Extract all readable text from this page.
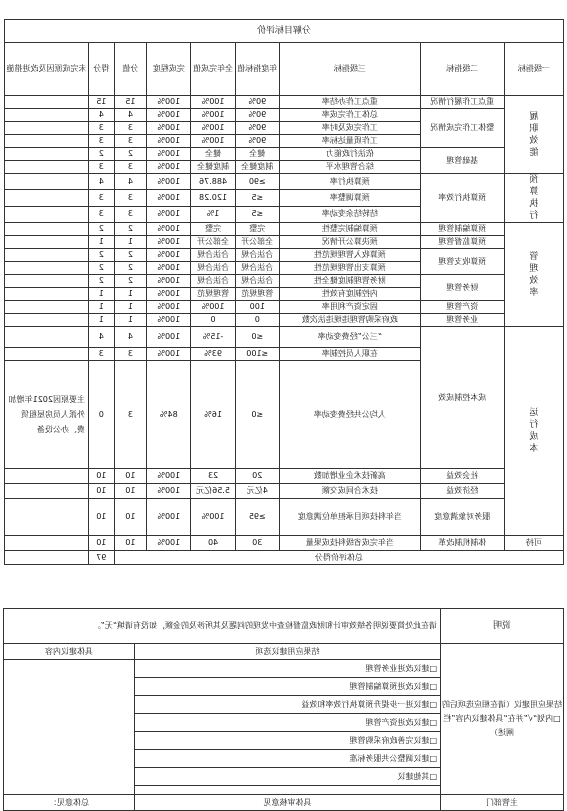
分解目标评价								
一级指标	二级指标	三级指标	年度指标值	全年完成值	完成程度	分值	得分	未完成原因及改进措施
履职效能	重点工作履行情况	重点工作办结率	90%	100%	100%	15	15	
	整体工作完成情况	总体工作完成率	90%	100%	100%	4	4	
		工作完成及时率	90%	100%	100%	3	3	
		工作质量达标率	90%	100%	100%	3	3	
	基础管理	依法行政能力	健全	健全	100%	2	2	
		综合管理水平	制度健全	制度健全	100%	3	3	
预算执行	预算执行效率	预算执行率	≥90	488.76	100%	4	4	
		预算调整率	≤5	120.28	100%	3	3	
		结转结余变动率	≤5	1%	100%	3	3	
管理效率	预算编制管理	预算编制完整性	完整	完整	100%	2	2	
	预算监督管理	预决算公开情况	全部公开	全部公开	100%	1	1	
	预算收支管理	预算收入管理规范性	合法合规	合法合规	100%	2	2	
		预算支出管理规范性	合法合规	合法合规	100%	2	2	
	财务管理	财务管理制度健全性	合法合规	合法合规	100%	2	2	
		内控制度有效性	管理规范	管理规范	100%	1	1	
	资产管理	固定资产利用率	100	100%	100%	1	1	
	业务管理	政府采购管理违规违法次数	0	0	100%	1	1	
运行成本	成本控制成效	“三公”经费变动率	≤0	-15%	100%	4	4	
		在职人员控制率	≤100	93%	100%	3	3	
		人均公共经费变动率	≤0	16%	84%	3	0	主要原因2021年增加外派人员房屋租赁费、办公设备
	社会效益	高新技术企业增加数	20	23	100%	10	10	
	经济效益	技术合同成交额	4亿元	5.56亿元	100%	10	10	
	服务对象满意度	当年科技项目承担单位满意度	≥95	100%	100%	10	10	
可持	体制机制改革	当年完成省级科技成果量	30	40	100%	10	10	
总体评价得分							97	
说明	请在此处简要说明各绩效审计和财政监督检查中发现的问题及其所涉及的金额，如没有请填“无”。	
结果应用建议（请在相应选项后的□内划“√”并在“具体建议内容”栏阐述）	结果应用建议选项	具体建议内容
	□建议改进业务管理	
	□建议改进预算编制管理	
	□建议进一步提升预算执行效率和效益	
	□建议改进资产管理	
	□建议完善政府采购管理	
	□建议调整公共服务标准	
	□其他建议	

主管部门	具体审核意见	总体意见：
